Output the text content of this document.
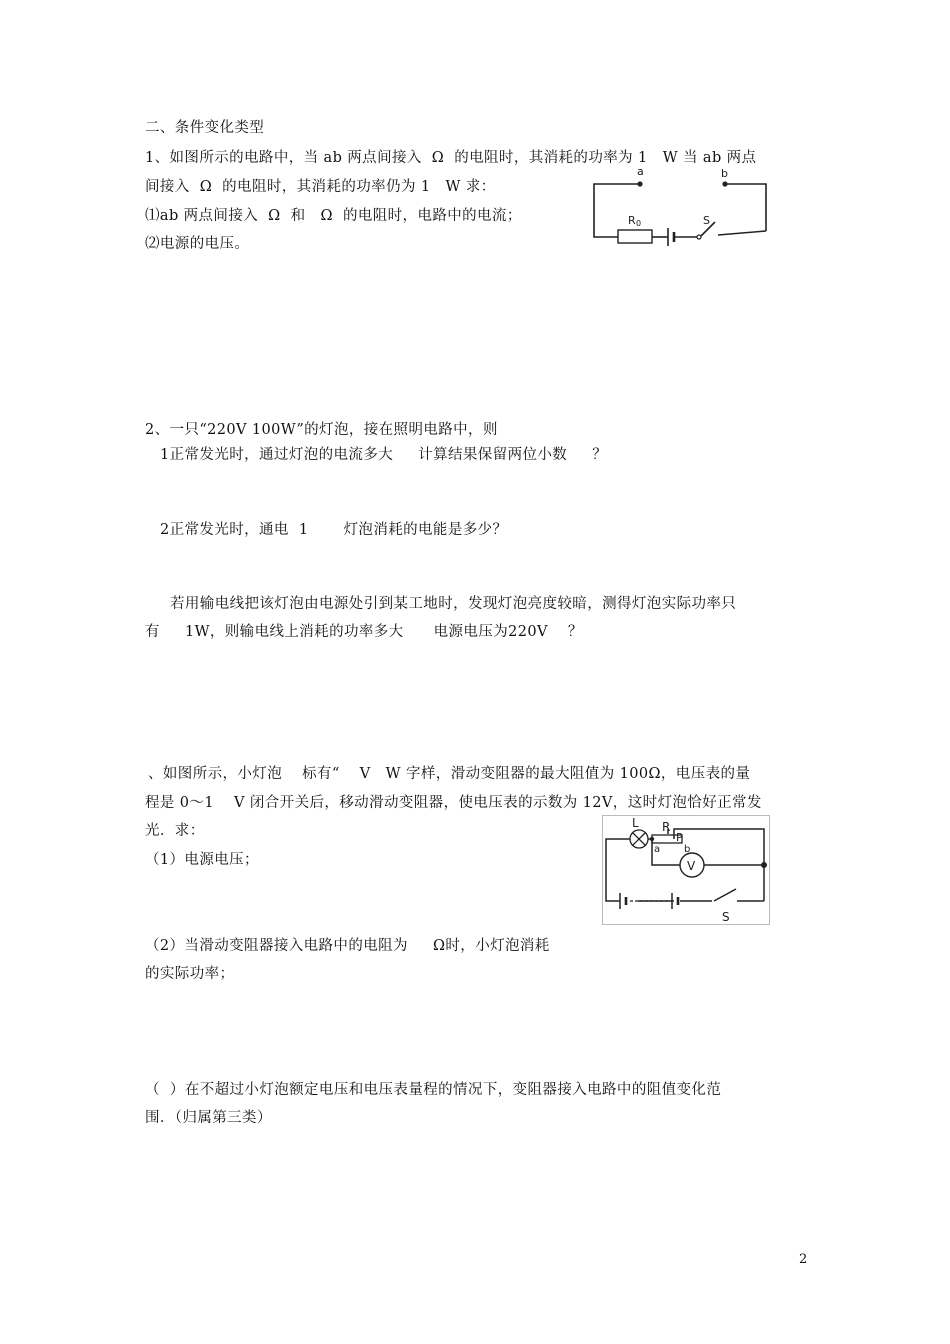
二、条件变化类型
1、如图所示的电路中，当 ab 两点间接入  Ω  的电阻时，其消耗的功率为 1   W 当 ab 两点
间接入  Ω  的电阻时，其消耗的功率仍为 1   W 求：
⑴ab 两点间接入  Ω  和   Ω  的电阻时，电路中的电流；
⑵电源的电压。
a	b
R 0	S
2、一只“220V 100W”的灯泡，接在照明电路中，则
1正常发光时，通过灯泡的电流多大     计算结果保留两位小数     ？
2正常发光时，通电  1       灯泡消耗的电能是多少？
若用输电线把该灯泡由电源处引到某工地时，发现灯泡亮度较暗，测得灯泡实际功率只
有     1W，则输电线上消耗的功率多大      电源电压为220V    ？
、如图所示，小灯泡    标有“    V   W 字样，滑动变阻器的最大阻值为 100Ω，电压表的量
程是 0～1    V 闭合开关后，移动滑动变阻器，使电压表的示数为 12V，这时灯泡恰好正常发
光．求：
（1）电源电压；
（2）当滑动变阻器接入电路中的电阻为     Ω时，小灯泡消耗
的实际功率；
（  ）在不超过小灯泡额定电压和电压表量程的情况下，变阻器接入电路中的阻值变化范
围．（归属第三类）
L R
P
a b
V
S
2
